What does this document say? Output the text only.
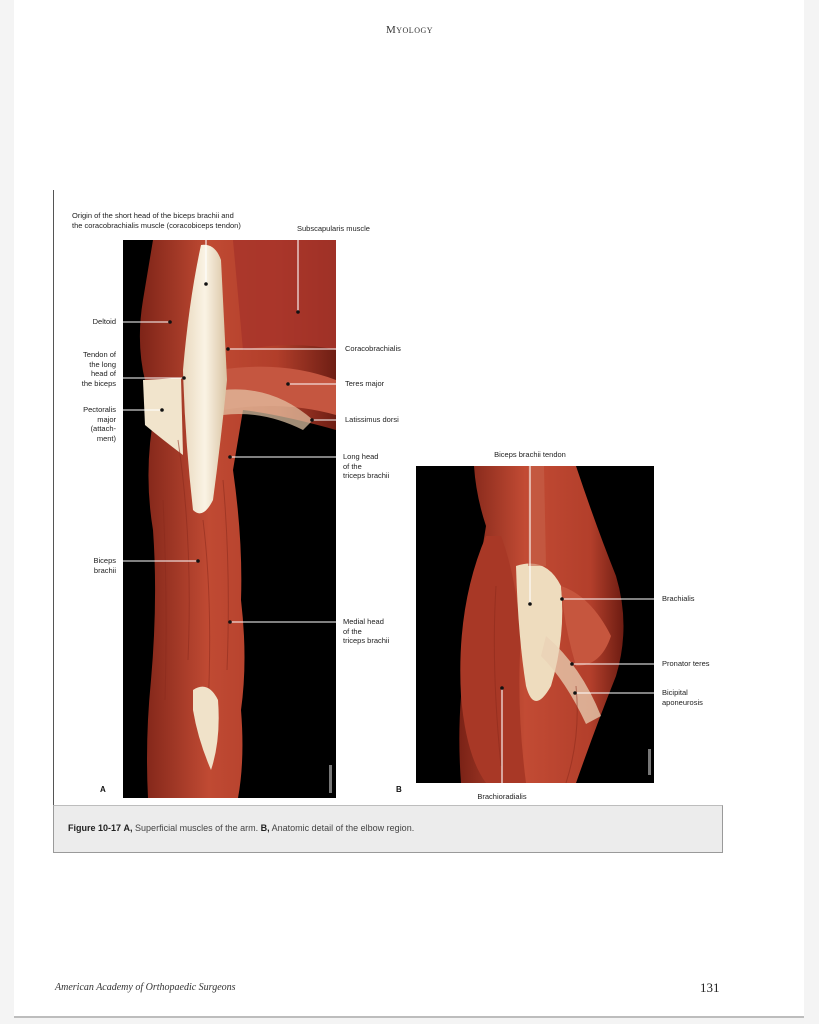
Myology
Origin of the short head of the biceps brachii and
the coracobrachialis muscle (coracobiceps tendon)	Subscapularis muscle
Deltoid
Tendon of
the long
head of
the biceps
Pectoralis
major
(attach-
ment)
Coracobrachialis
Teres major
Latissimus dorsi
Long head
of the
triceps brachii
Biceps
brachii
Medial head
of the
triceps brachii
A
Biceps brachii tendon
Brachialis
Pronator teres
Bicipital
aponeurosis
Brachioradialis
B
Figure 10-17 A, Superficial muscles of the arm. B, Anatomic detail of the elbow region.
American Academy of Orthopaedic Surgeons	131
